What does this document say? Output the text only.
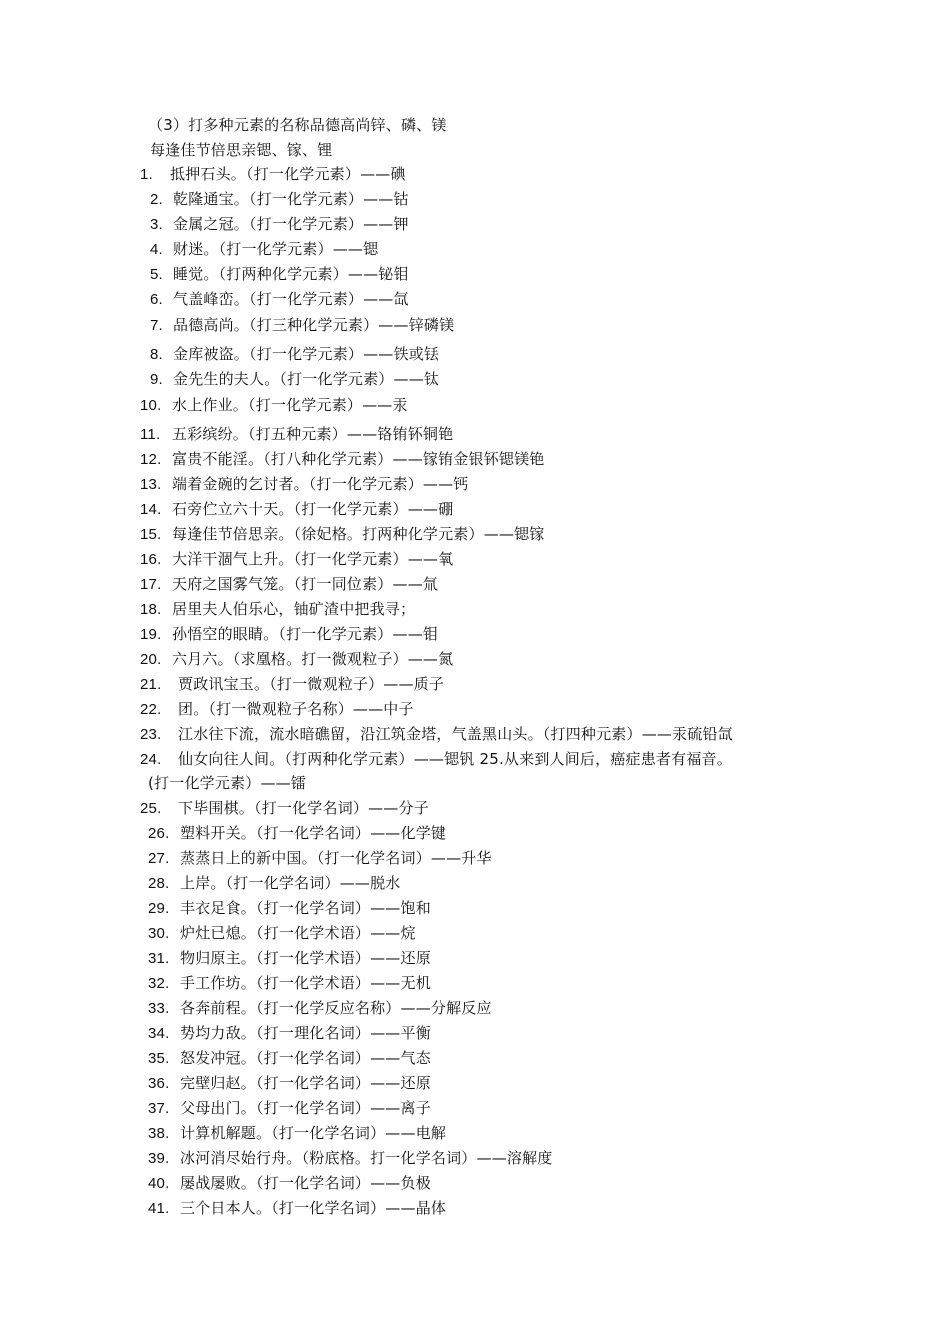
（3）打多种元素的名称品德高尚锌、磷、镁
每逢佳节倍思亲锶、镓、锂
1. 抵押石头。（打一化学元素）——碘
2. 乾隆通宝。（打一化学元素）——钴
3. 金属之冠。（打一化学元素）——钾
4. 财迷。（打一化学元素）——锶
5. 睡觉。（打两种化学元素）——铋钼
6. 气盖峰峦。（打一化学元素）——氙
7. 品德高尚。（打三种化学元素）——锌磷镁
8. 金库被盗。（打一化学元素）——铁或铥
9. 金先生的夫人。（打一化学元素）——钛
10. 水上作业。（打一化学元素）——汞
11. 五彩缤纷。（打五种元素）——铬铕钚铜铯
12. 富贵不能淫。（打八种化学元素）——镓铕金银钚锶镁铯
13. 端着金碗的乞讨者。（打一化学元素）——钙
14. 石旁伫立六十天。（打一化学元素）——硼
15. 每逢佳节倍思亲。（徐妃格。打两种化学元素）——锶镓
16. 大洋干涸气上升。（打一化学元素）——氧
17. 天府之国雾气笼。（打一同位素）——氚
18. 居里夫人伯乐心，铀矿渣中把我寻；
19. 孙悟空的眼睛。（打一化学元素）——钼
20. 六月六。（求凰格。打一微观粒子）——氮
21. 贾政讯宝玉。（打一微观粒子）——质子
22. 团。（打一微观粒子名称）——中子
23. 江水往下流，流水暗礁留，沿江筑金塔，气盖黑山头。（打四种元素）——汞硫铅氙
24. 仙女向往人间。（打两种化学元素）——锶钒 25.从来到人间后，癌症患者有福音。
(打一化学元素）——镭
25. 下毕围棋。（打一化学名词）——分子
26. 塑料开关。（打一化学名词）——化学键
27. 蒸蒸日上的新中国。（打一化学名词）——升华
28. 上岸。（打一化学名词）——脱水
29. 丰衣足食。（打一化学名词）——饱和
30. 炉灶已熄。（打一化学术语）——烷
31. 物归原主。（打一化学术语）——还原
32. 手工作坊。（打一化学术语）——无机
33. 各奔前程。（打一化学反应名称）——分解反应
34. 势均力敌。（打一理化名词）——平衡
35. 怒发冲冠。（打一化学名词）——气态
36. 完壁归赵。（打一化学名词）——还原
37. 父母出门。（打一化学名词）——离子
38. 计算机解题。（打一化学名词）——电解
39. 冰河消尽始行舟。（粉底格。打一化学名词）——溶解度
40. 屡战屡败。（打一化学名词）——负极
41. 三个日本人。（打一化学名词）——晶体
